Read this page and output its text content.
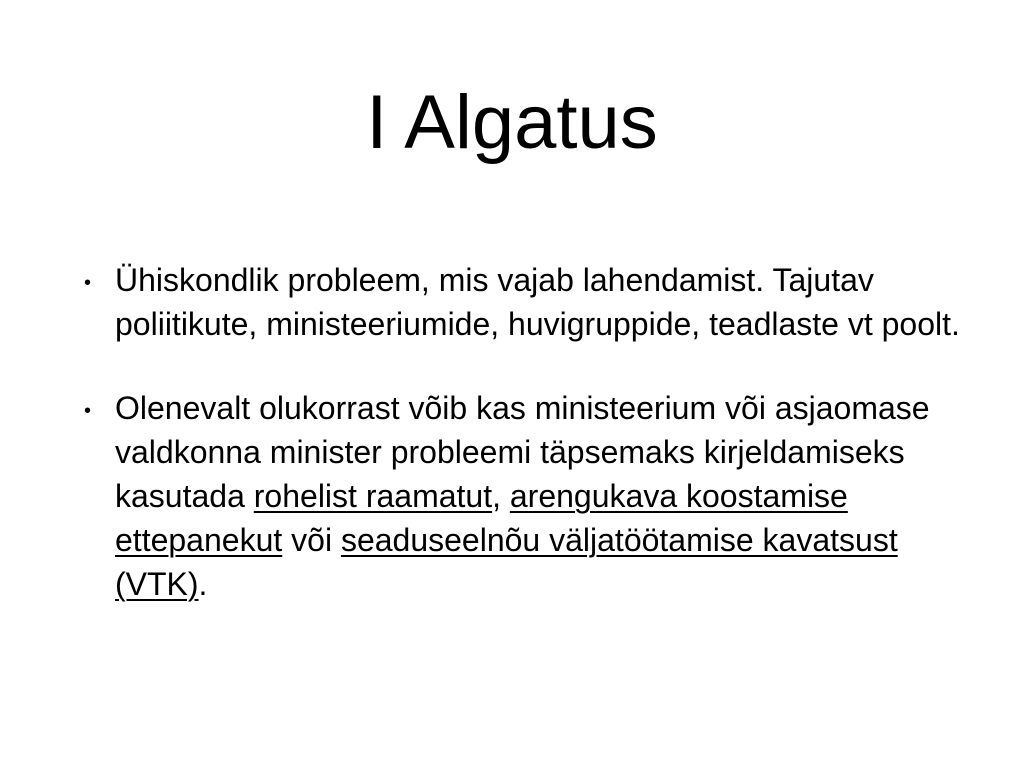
I Algatus
• Ühiskondlik probleem, mis vajab lahendamist. Tajutav poliitikute, ministeeriumide, huvigruppide, teadlaste vt poolt.
• Olenevalt olukorrast võib kas ministeerium või asjaomase valdkonna minister probleemi täpsemaks kirjeldamiseks kasutada rohelist raamatut, arengukava koostamise ettepanekut või seaduseelnõu väljatöötamise kavatsust (VTK).
